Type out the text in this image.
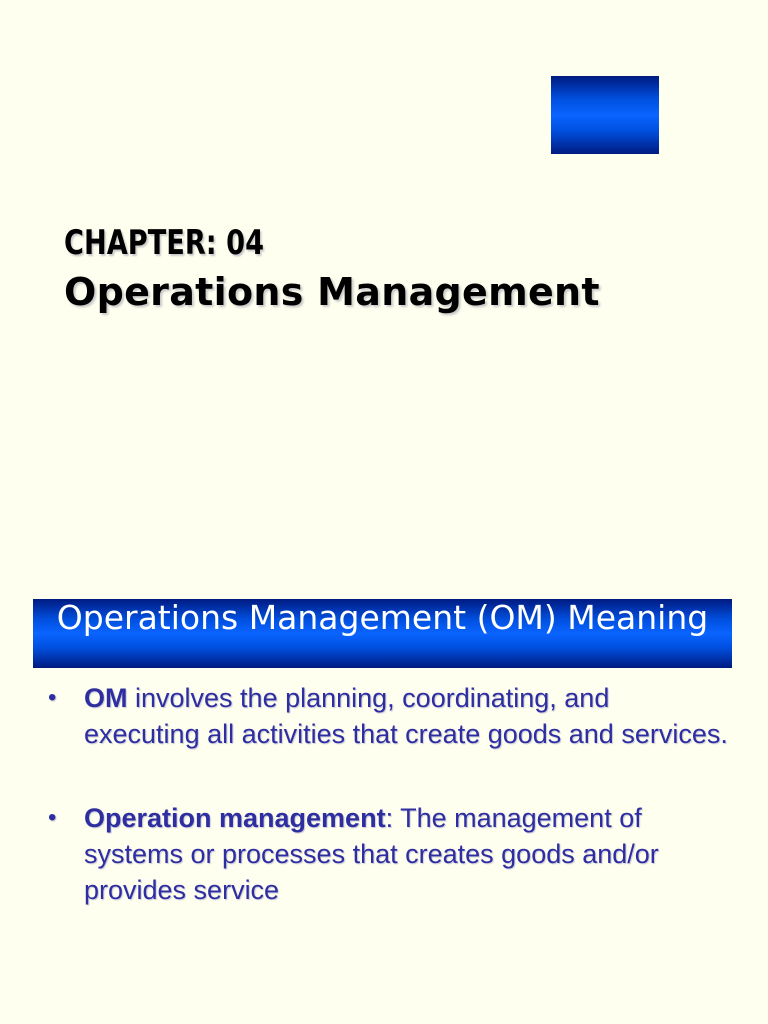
CHAPTER: 04
Operations Management
Operations Management (OM) Meaning
• OM involves the planning, coordinating, and executing all activities that create goods and services.
• Operation management: The management of systems or processes that creates goods and/or provides service
